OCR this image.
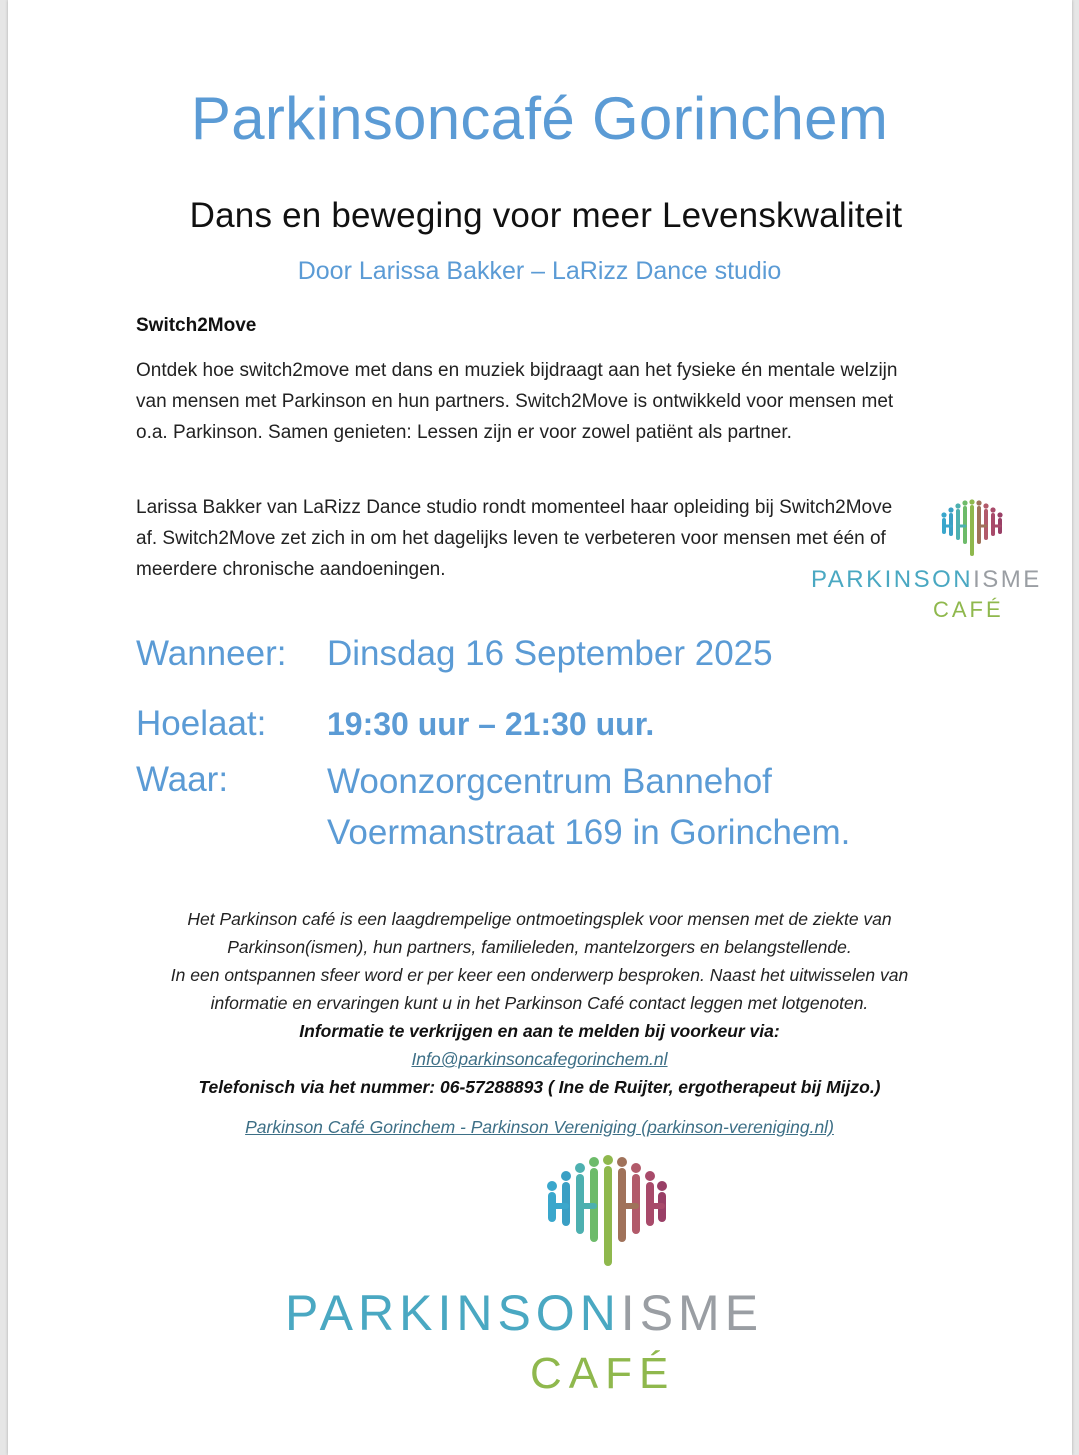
Parkinsoncafé Gorinchem
Dans en beweging voor meer Levenskwaliteit
Door Larissa Bakker – LaRizz Dance studio
Switch2Move
Ontdek hoe switch2move met dans en muziek bijdraagt aan het fysieke én mentale welzijn van mensen met Parkinson en hun partners. Switch2Move is ontwikkeld voor mensen met o.a. Parkinson. Samen genieten: Lessen zijn er voor zowel patiënt als partner.
Larissa Bakker van LaRizz Dance studio rondt momenteel haar opleiding bij Switch2Move af. Switch2Move zet zich in om het dagelijks leven te verbeteren voor mensen met één of meerdere chronische aandoeningen.	PARKINSONISME
CAFÉ
Wanneer: Dinsdag 16 September 2025
Hoelaat: 19:30 uur – 21:30 uur.
Waar:	Woonzorgcentrum Bannehof
Voermanstraat 169 in Gorinchem.
Het Parkinson café is een laagdrempelige ontmoetingsplek voor mensen met de ziekte van
Parkinson(ismen), hun partners, familieleden, mantelzorgers en belangstellende.
In een ontspannen sfeer word er per keer een onderwerp besproken. Naast het uitwisselen van
informatie en ervaringen kunt u in het Parkinson Café contact leggen met lotgenoten.
Informatie te verkrijgen en aan te melden bij voorkeur via:
Info@parkinsoncafegorinchem.nl
Telefonisch via het nummer: 06-57288893 ( Ine de Ruijter, ergotherapeut bij Mijzo.)
Parkinson Café Gorinchem - Parkinson Vereniging (parkinson-vereniging.nl)
PARKINSONISME
CAFÉ
